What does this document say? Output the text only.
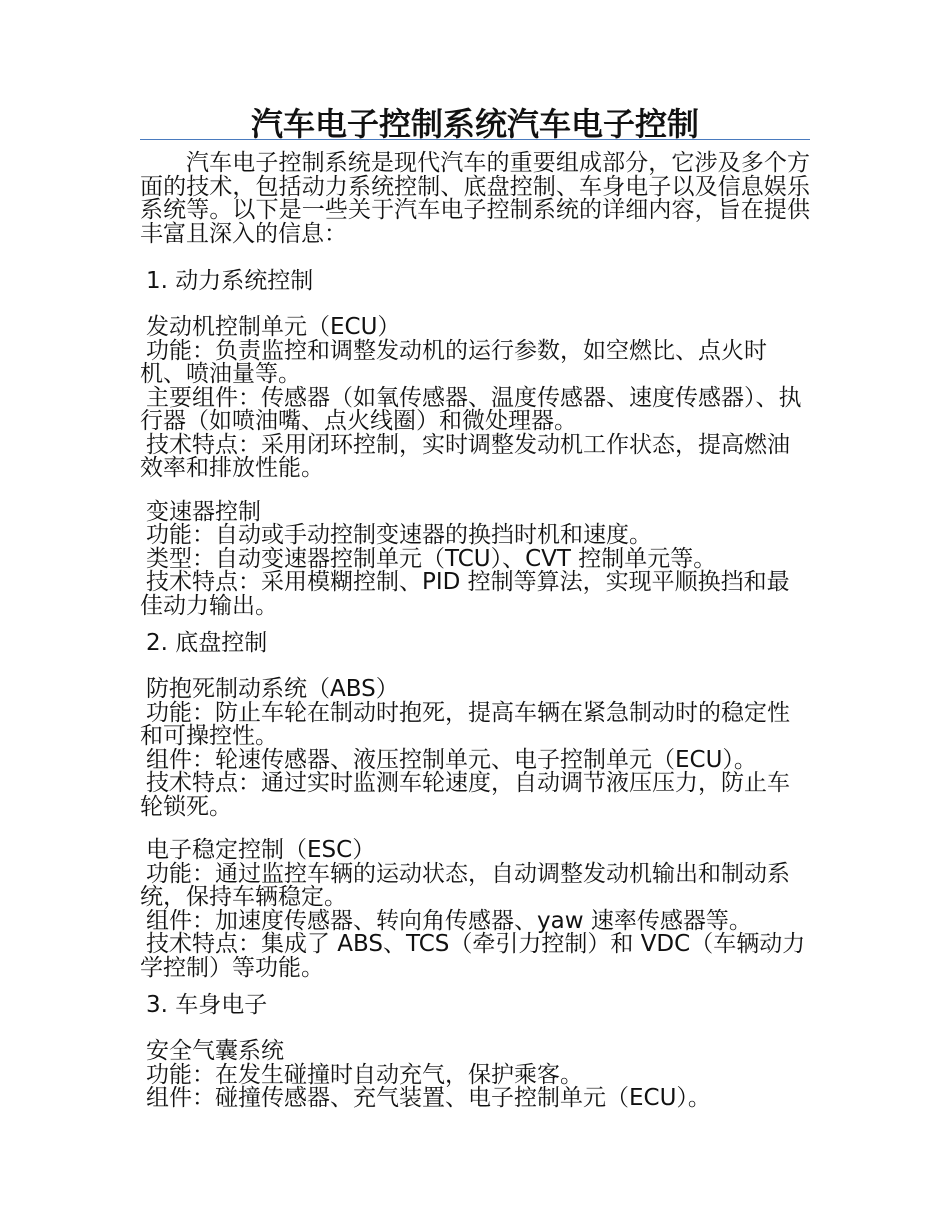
汽车电子控制系统汽车电子控制

汽车电子控制系统是现代汽车的重要组成部分，它涉及多个方面的技术，包括动力系统控制、底盘控制、车身电子以及信息娱乐系统等。以下是一些关于汽车电子控制系统的详细内容，旨在提供丰富且深入的信息：

1. 动力系统控制

发动机控制单元（ECU）

功能：负责监控和调整发动机的运行参数，如空燃比、点火时机、喷油量等。

主要组件：传感器（如氧传感器、温度传感器、速度传感器）、执行器（如喷油嘴、点火线圈）和微处理器。

技术特点：采用闭环控制，实时调整发动机工作状态，提高燃油效率和排放性能。

变速器控制

功能：自动或手动控制变速器的换挡时机和速度。

类型：自动变速器控制单元（TCU）、CVT 控制单元等。

技术特点：采用模糊控制、PID 控制等算法，实现平顺换挡和最佳动力输出。

2. 底盘控制

防抱死制动系统（ABS）

功能：防止车轮在制动时抱死，提高车辆在紧急制动时的稳定性和可操控性。

组件：轮速传感器、液压控制单元、电子控制单元（ECU）。

技术特点：通过实时监测车轮速度，自动调节液压压力，防止车轮锁死。

电子稳定控制（ESC）

功能：通过监控车辆的运动状态，自动调整发动机输出和制动系统，保持车辆稳定。

组件：加速度传感器、转向角传感器、yaw 速率传感器等。

技术特点：集成了 ABS、TCS（牵引力控制）和 VDC（车辆动力学控制）等功能。

3. 车身电子

安全气囊系统

功能：在发生碰撞时自动充气，保护乘客。

组件：碰撞传感器、充气装置、电子控制单元（ECU）。
